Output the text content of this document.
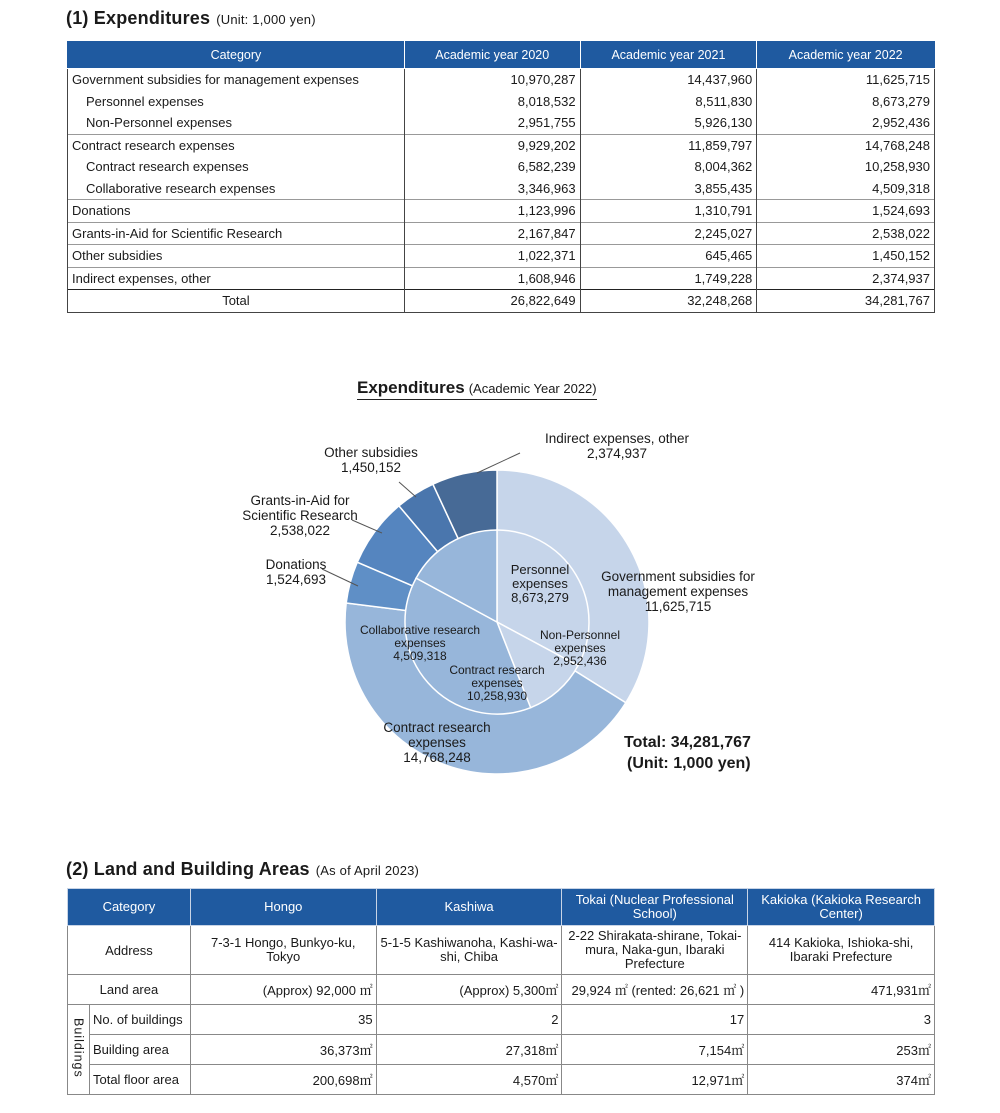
(1) Expenditures (Unit: 1,000 yen)
Category	Academic year 2020	Academic year 2021	Academic year 2022
Government subsidies for management expenses	10,970,287	14,437,960	11,625,715
Personnel expenses	8,018,532	8,511,830	8,673,279
Non-Personnel expenses	2,951,755	5,926,130	2,952,436
Contract research expenses	9,929,202	11,859,797	14,768,248
Contract research expenses	6,582,239	8,004,362	10,258,930
Collaborative research expenses	3,346,963	3,855,435	4,509,318
Donations	1,123,996	1,310,791	1,524,693
Grants-in-Aid for Scientific Research	2,167,847	2,245,027	2,538,022
Other subsidies	1,022,371	645,465	1,450,152
Indirect expenses, other	1,608,946	1,749,228	2,374,937
Total	26,822,649	32,248,268	34,281,767
Expenditures (Academic Year 2022)
Government subsidies for management expenses 11,625,715
Contract research expenses 14,768,248
Donations 1,524,693
Grants-in-Aid for Scientific Research 2,538,022
Other subsidies 1,450,152
Indirect expenses, other 2,374,937
Personnel expenses 8,673,279
Non-Personnel expenses 2,952,436
Contract research expenses 10,258,930
Collaborative research expenses 4,509,318
Total: 34,281,767
(Unit: 1,000 yen)
(2) Land and Building Areas (As of April 2023)
Category		Hongo	Kashiwa	Tokai (Nuclear Professional School)	Kakioka (Kakioka Research Center)
Address		7-3-1 Hongo, Bunkyo-ku, Tokyo	5-1-5 Kashiwanoha, Kashi-wa-shi, Chiba	2-22 Shirakata-shirane, Tokai-mura, Naka-gun, Ibaraki Prefecture	414 Kakioka, Ishioka-shi, Ibaraki Prefecture
Land area		(Approx) 92,000 ㎡	(Approx) 5,300㎡	29,924 ㎡ (rented: 26,621 ㎡ )	471,931㎡
Buildings	No. of buildings	35	2	17	3
	Building area	36,373㎡	27,318㎡	7,154㎡	253㎡
	Total floor area	200,698㎡	4,570㎡	12,971㎡	374㎡
